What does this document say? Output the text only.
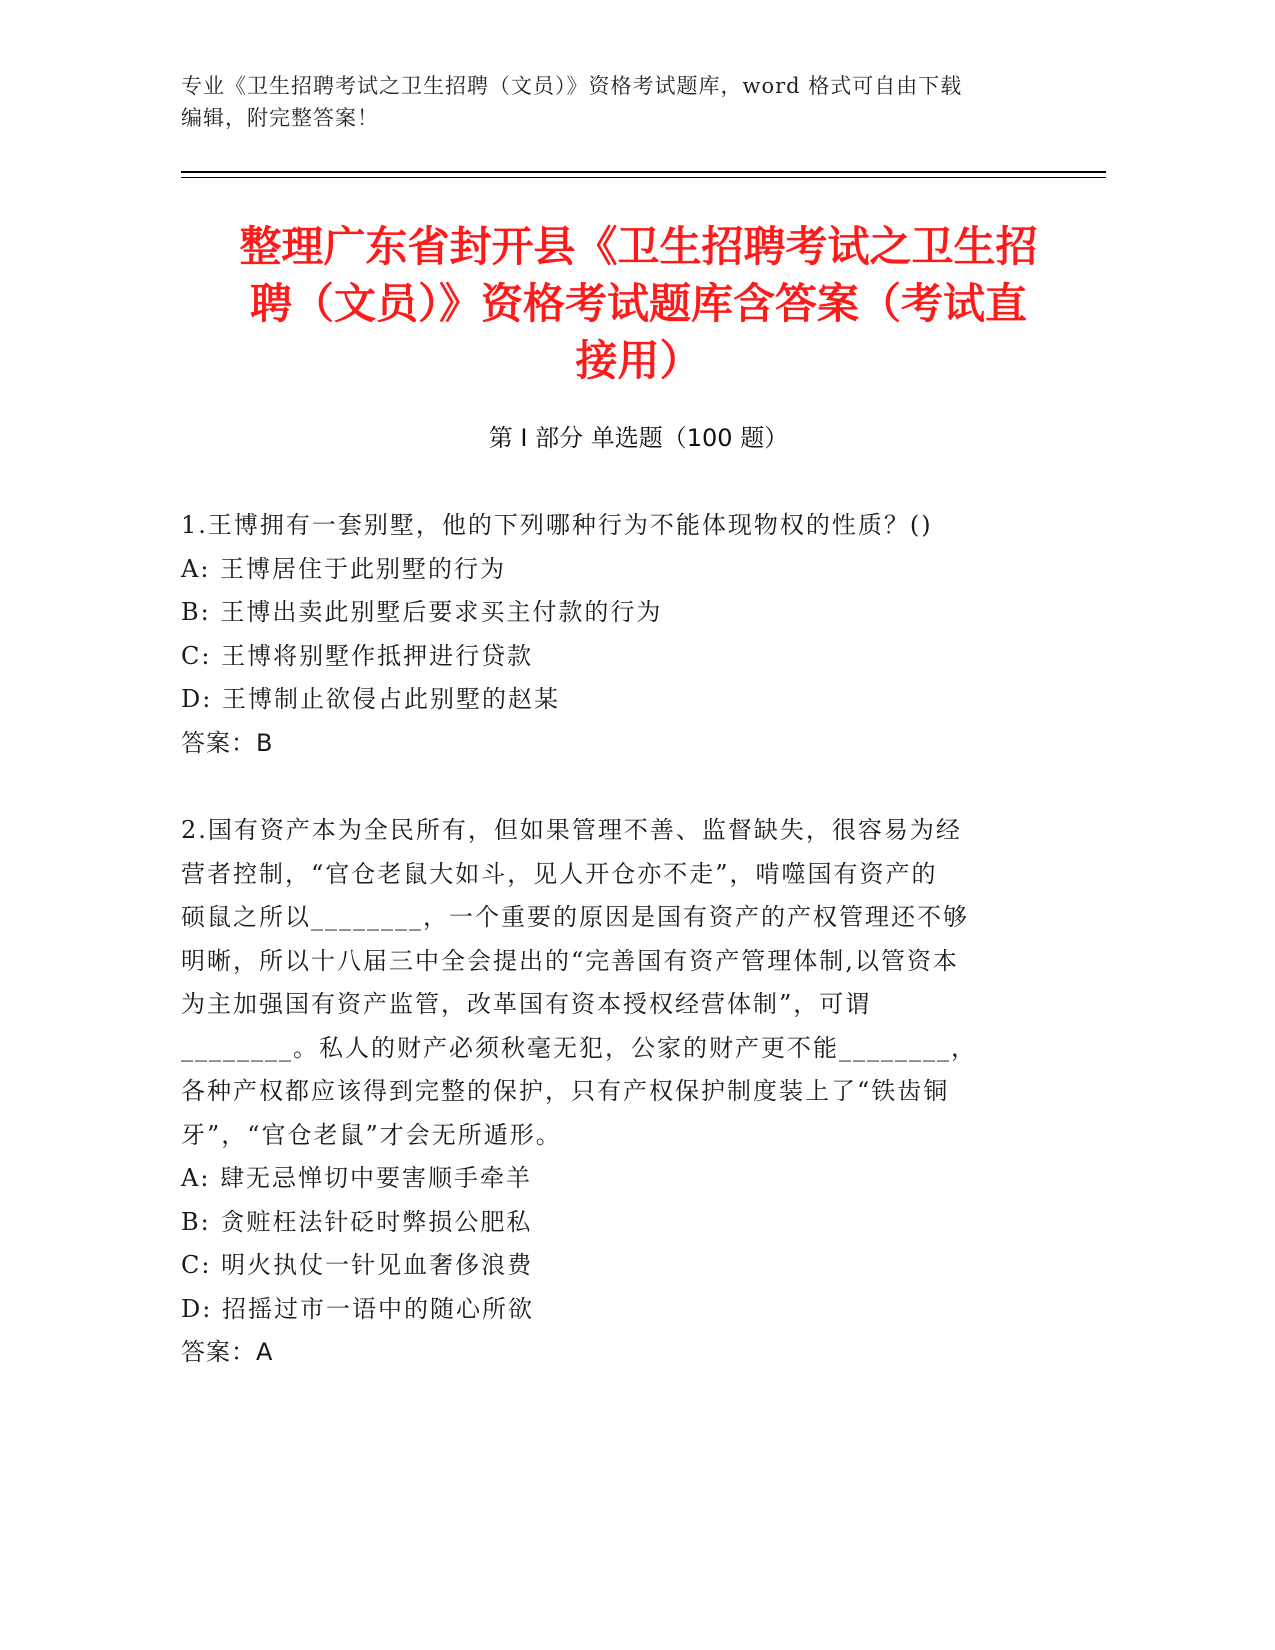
专业《卫生招聘考试之卫生招聘（文员）》资格考试题库，word 格式可自由下载
编辑，附完整答案！
整理广东省封开县《卫生招聘考试之卫生招
聘（文员）》资格考试题库含答案（考试直
接用）
第 I 部分 单选题（100 题）
1.王博拥有一套别墅，他的下列哪种行为不能体现物权的性质？()
A: 王博居住于此别墅的行为
B: 王博出卖此别墅后要求买主付款的行为
C: 王博将别墅作抵押进行贷款
D: 王博制止欲侵占此别墅的赵某
答案：B
2.国有资产本为全民所有，但如果管理不善、监督缺失，很容易为经
营者控制，“官仓老鼠大如斗，见人开仓亦不走”，啃噬国有资产的
硕鼠之所以________，一个重要的原因是国有资产的产权管理还不够
明晰，所以十八届三中全会提出的“完善国有资产管理体制,以管资本
为主加强国有资产监管，改革国有资本授权经营体制”，可谓
________。私人的财产必须秋毫无犯，公家的财产更不能________，
各种产权都应该得到完整的保护，只有产权保护制度装上了“铁齿铜
牙”，“官仓老鼠”才会无所遁形。
A: 肆无忌惮切中要害顺手牵羊
B: 贪赃枉法针砭时弊损公肥私
C: 明火执仗一针见血奢侈浪费
D: 招摇过市一语中的随心所欲
答案：A
